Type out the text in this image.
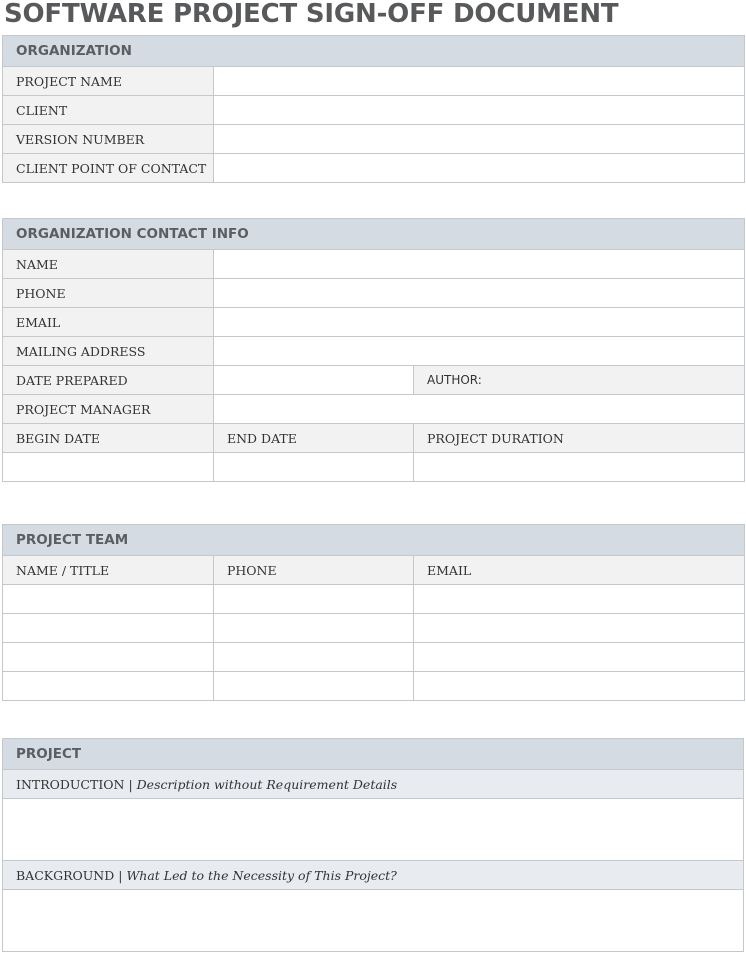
SOFTWARE PROJECT SIGN-OFF DOCUMENT
ORGANIZATION	
PROJECT NAME	
CLIENT	
VERSION NUMBER	
CLIENT POINT OF CONTACT	
ORGANIZATION CONTACT INFO		
NAME		
PHONE		
EMAIL		
MAILING ADDRESS		
DATE PREPARED		AUTHOR:
PROJECT MANAGER		
BEGIN DATE	END DATE	PROJECT DURATION

PROJECT TEAM		
NAME / TITLE	PHONE	EMAIL

PROJECT
INTRODUCTION | Description without Requirement Details

BACKGROUND | What Led to the Necessity of This Project?
